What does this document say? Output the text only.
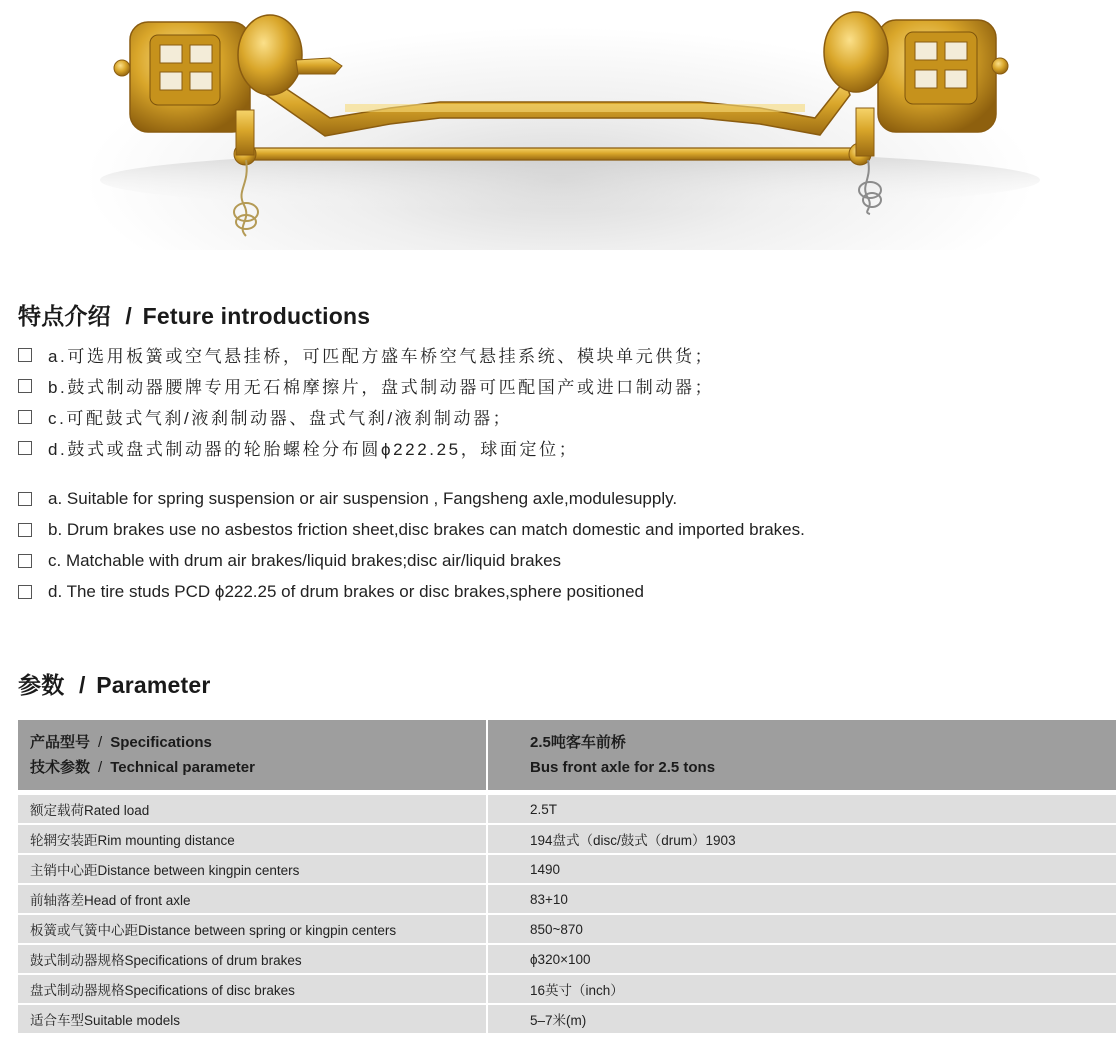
特点介绍 / Feture introductions
a.可选用板簧或空气悬挂桥，可匹配方盛车桥空气悬挂系统、模块单元供货；
b.鼓式制动器腰牌专用无石棉摩擦片，盘式制动器可匹配国产或进口制动器；
c.可配鼓式气刹/液刹制动器、盘式气刹/液刹制动器；
d.鼓式或盘式制动器的轮胎螺栓分布圆ϕ222.25，球面定位；
a. Suitable for spring suspension or air suspension , Fangsheng axle,modulesupply.
b. Drum brakes use no asbestos friction sheet,disc brakes can match domestic and imported brakes.
c. Matchable with drum air brakes/liquid brakes;disc air/liquid brakes
d. The tire studs PCD ϕ222.25 of drum brakes or disc brakes,sphere positioned
参数 / Parameter
产品型号 / Specifications
技术参数 / Technical parameter	2.5吨客车前桥
Bus front axle for 2.5 tons

额定载荷Rated load	2.5T
轮辋安装距Rim mounting distance	194盘式（disc/鼓式（drum）1903
主销中心距Distance between kingpin centers	1490
前轴落差Head of front axle	83+10
板簧或气簧中心距Distance between spring or kingpin centers	850~870
鼓式制动器规格Specifications of drum brakes	ϕ320×100
盘式制动器规格Specifications of disc brakes	16英寸（inch）
适合车型Suitable models	5–7米(m)
